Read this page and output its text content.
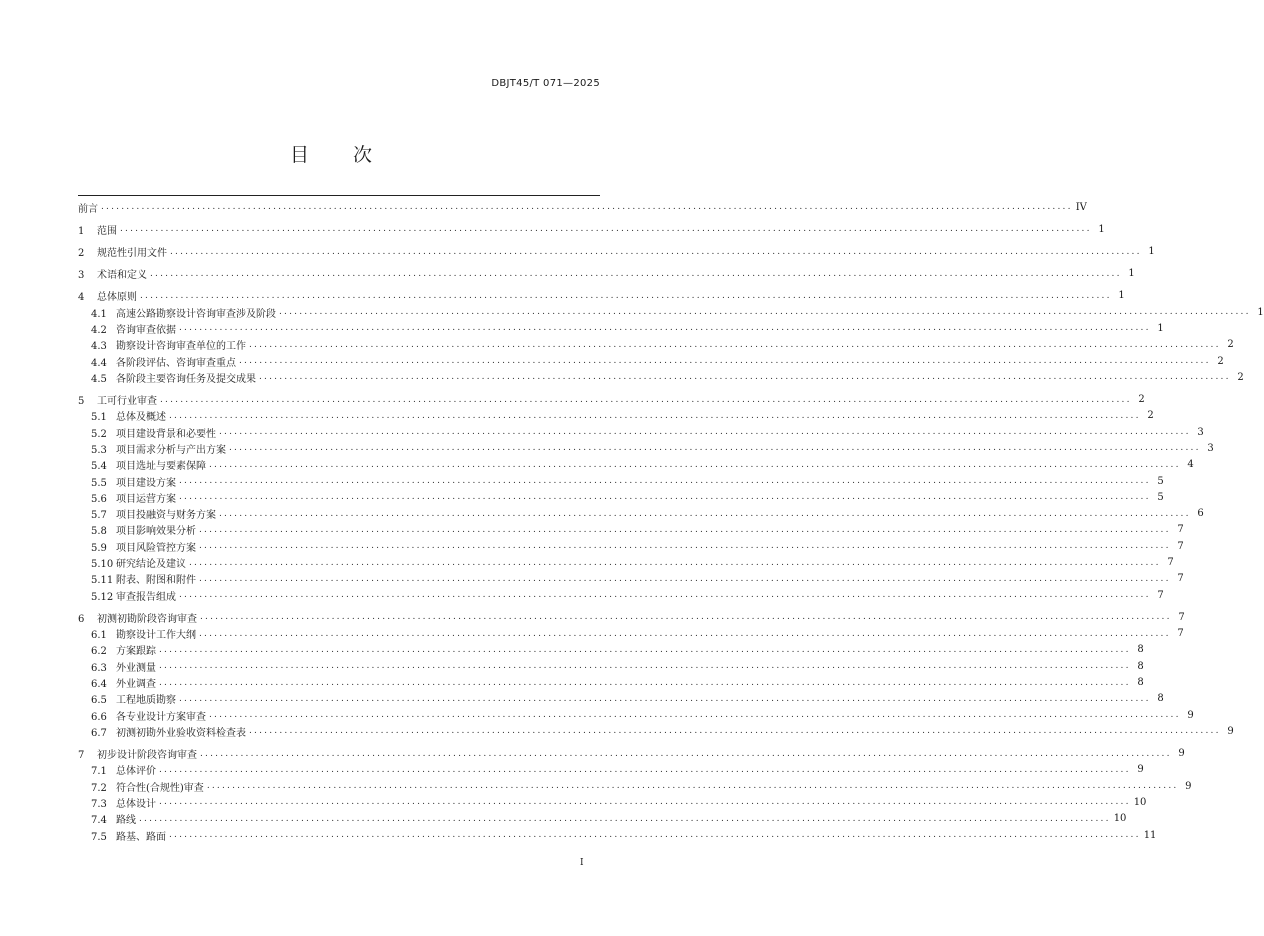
DBJT45/T 071—2025
目 次
前言 ................................................................................................................................................................................................ IV
1 范围 ................................................................................................................................................................................................ 1
2 规范性引用文件 ................................................................................................................................................................................................ 1
3 术语和定义 ................................................................................................................................................................................................ 1
4 总体原则 ................................................................................................................................................................................................ 1
4.1 高速公路勘察设计咨询审查涉及阶段 ................................................................................................................................................................................................ 1
4.2 咨询审查依据 ................................................................................................................................................................................................ 1
4.3 勘察设计咨询审查单位的工作 ................................................................................................................................................................................................ 2
4.4 各阶段评估、咨询审查重点 ................................................................................................................................................................................................ 2
4.5 各阶段主要咨询任务及提交成果 ................................................................................................................................................................................................ 2
5 工可行业审查 ................................................................................................................................................................................................ 2
5.1 总体及概述 ................................................................................................................................................................................................ 2
5.2 项目建设背景和必要性 ................................................................................................................................................................................................ 3
5.3 项目需求分析与产出方案 ................................................................................................................................................................................................ 3
5.4 项目选址与要素保障 ................................................................................................................................................................................................ 4
5.5 项目建设方案 ................................................................................................................................................................................................ 5
5.6 项目运营方案 ................................................................................................................................................................................................ 5
5.7 项目投融资与财务方案 ................................................................................................................................................................................................ 6
5.8 项目影响效果分析 ................................................................................................................................................................................................ 7
5.9 项目风险管控方案 ................................................................................................................................................................................................ 7
5.10 研究结论及建议 ................................................................................................................................................................................................ 7
5.11 附表、附图和附件 ................................................................................................................................................................................................ 7
5.12 审查报告组成 ................................................................................................................................................................................................ 7
6 初测初勘阶段咨询审查 ................................................................................................................................................................................................ 7
6.1 勘察设计工作大纲 ................................................................................................................................................................................................ 7
6.2 方案跟踪 ................................................................................................................................................................................................ 8
6.3 外业测量 ................................................................................................................................................................................................ 8
6.4 外业调查 ................................................................................................................................................................................................ 8
6.5 工程地质勘察 ................................................................................................................................................................................................ 8
6.6 各专业设计方案审查 ................................................................................................................................................................................................ 9
6.7 初测初勘外业验收资料检查表 ................................................................................................................................................................................................ 9
7 初步设计阶段咨询审查 ................................................................................................................................................................................................ 9
7.1 总体评价 ................................................................................................................................................................................................ 9
7.2 符合性(合规性)审查 ................................................................................................................................................................................................ 9
7.3 总体设计 ................................................................................................................................................................................................ 10
7.4 路线 ................................................................................................................................................................................................ 10
7.5 路基、路面 ................................................................................................................................................................................................ 11
I
